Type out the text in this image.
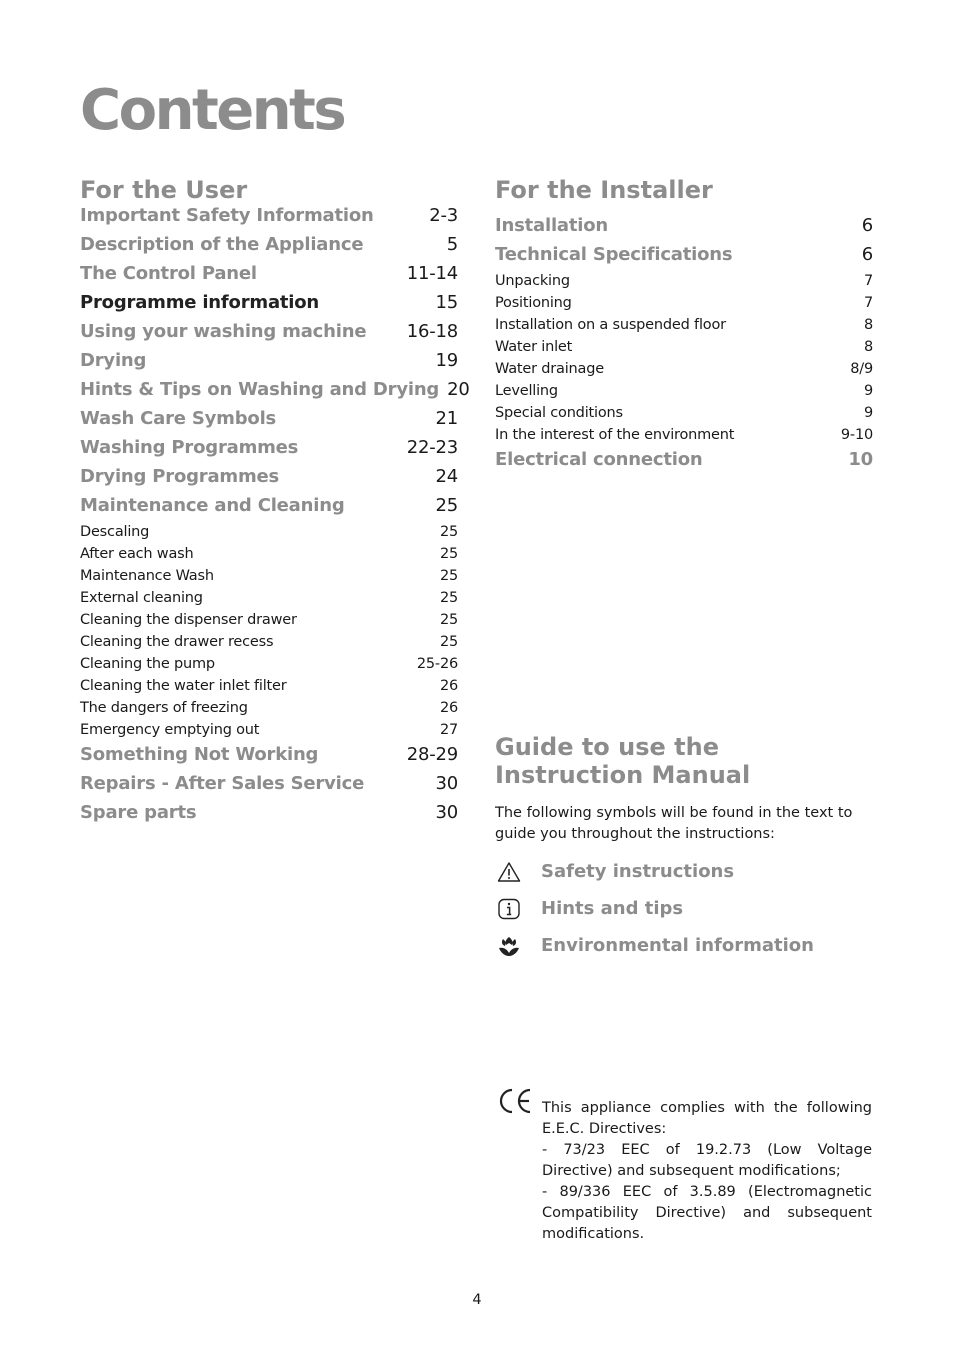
Contents
For the User
Important Safety Information	2-3
Description of the Appliance	5
The Control Panel	11-14
Programme information	15
Using your washing machine	16-18
Drying	19
Hints & Tips on Washing and Drying 20
Wash Care Symbols	21
Washing Programmes	22-23
Drying Programmes	24
Maintenance and Cleaning	25
Descaling	25
After each wash	25
Maintenance Wash	25
External cleaning	25
Cleaning the dispenser drawer	25
Cleaning the drawer recess	25
Cleaning the pump	25-26
Cleaning the water inlet filter	26
The dangers of freezing	26
Emergency emptying out	27
Something Not Working	28-29
Repairs - After Sales Service	30
Spare parts	30
For the Installer
Installation	6
Technical Specifications	6
Unpacking	7
Positioning	7
Installation on a suspended floor	8
Water inlet	8
Water drainage	8/9
Levelling	9
Special conditions	9
In the interest of the environment	9-10
Electrical connection	10
Guide to use the Instruction Manual

The following symbols will be found in the text to guide you throughout the instructions:

Safety instructions
Hints and tips
Environmental information

This appliance complies with the following E.E.C. Directives:

- 73/23 EEC of 19.2.73 (Low Voltage Directive) and subsequent modifications;

- 89/336 EEC of 3.5.89 (Electromagnetic Compatibility Directive) and subsequent modifications.

4
